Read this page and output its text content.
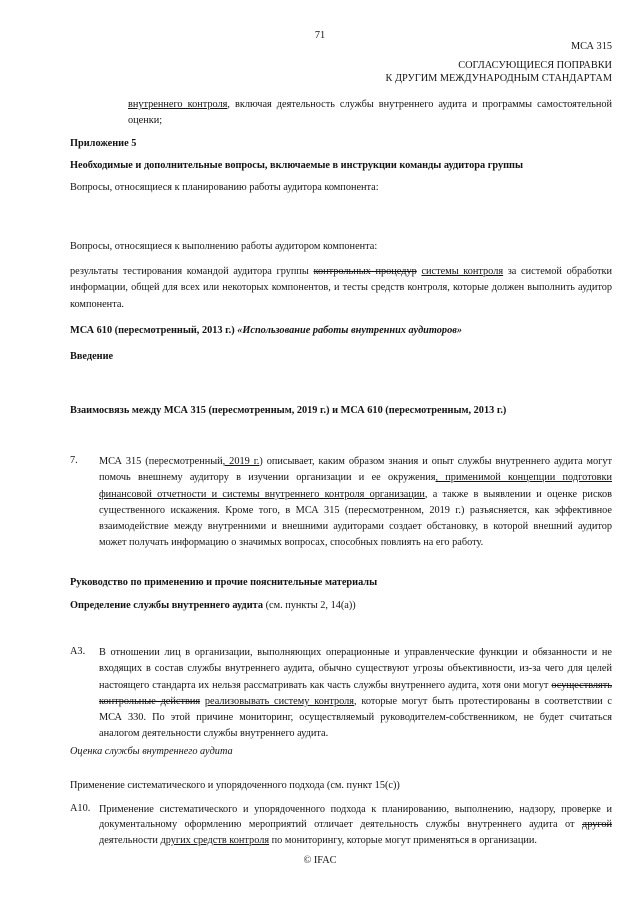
71

МСА 315

СОГЛАСУЮЩИЕСЯ ПОПРАВКИ

К ДРУГИМ МЕЖДУНАРОДНЫМ СТАНДАРТАМ

внутреннего контроля, включая деятельность службы внутреннего аудита и программы самостоятельной оценки;

Приложение 5

Необходимые и дополнительные вопросы, включаемые в инструкции команды аудитора группы

Вопросы, относящиеся к планированию работы аудитора компонента:

Вопросы, относящиеся к выполнению работы аудитором компонента:

результаты тестирования командой аудитора группы контрольных процедур системы контроля за системой обработки информации, общей для всех или некоторых компонентов, и тесты средств контроля, которые должен выполнить аудитор компонента.

МСА 610 (пересмотренный, 2013 г.) «Использование работы внутренних аудиторов»

Введение

Взаимосвязь между МСА 315 (пересмотренным, 2019 г.) и МСА 610 (пересмотренным, 2013 г.)

7. МСА 315 (пересмотренный, 2019 г.) описывает, каким образом знания и опыт службы внутреннего аудита могут помочь внешнему аудитору в изучении организации и ее окружения, применимой концепции подготовки финансовой отчетности и системы внутреннего контроля организации, а также в выявлении и оценке рисков существенного искажения. Кроме того, в МСА 315 (пересмотренном, 2019 г.) разъясняется, как эффективное взаимодействие между внутренними и внешними аудиторами создает обстановку, в которой внешний аудитор может получать информацию о значимых вопросах, способных повлиять на его работу.

Руководство по применению и прочие пояснительные материалы

Определение службы внутреннего аудита (см. пункты 2, 14(a))

A3. В отношении лиц в организации, выполняющих операционные и управленческие функции и обязанности и не входящих в состав службы внутреннего аудита, обычно существуют угрозы объективности, из-за чего для целей настоящего стандарта их нельзя рассматривать как часть службы внутреннего аудита, хотя они могут осуществлять контрольные действия реализовывать систему контроля, которые могут быть протестированы в соответствии с МСА 330. По этой причине мониторинг, осуществляемый руководителем-собственником, не будет считаться аналогом деятельности службы внутреннего аудита.

Оценка службы внутреннего аудита

Применение систематического и упорядоченного подхода (см. пункт 15(c))

A10. Применение систематического и упорядоченного подхода к планированию, выполнению, надзору, проверке и документальному оформлению мероприятий отличает деятельность службы внутреннего аудита от другой деятельности других средств контроля по мониторингу, которые могут применяться в организации.

© IFAC
